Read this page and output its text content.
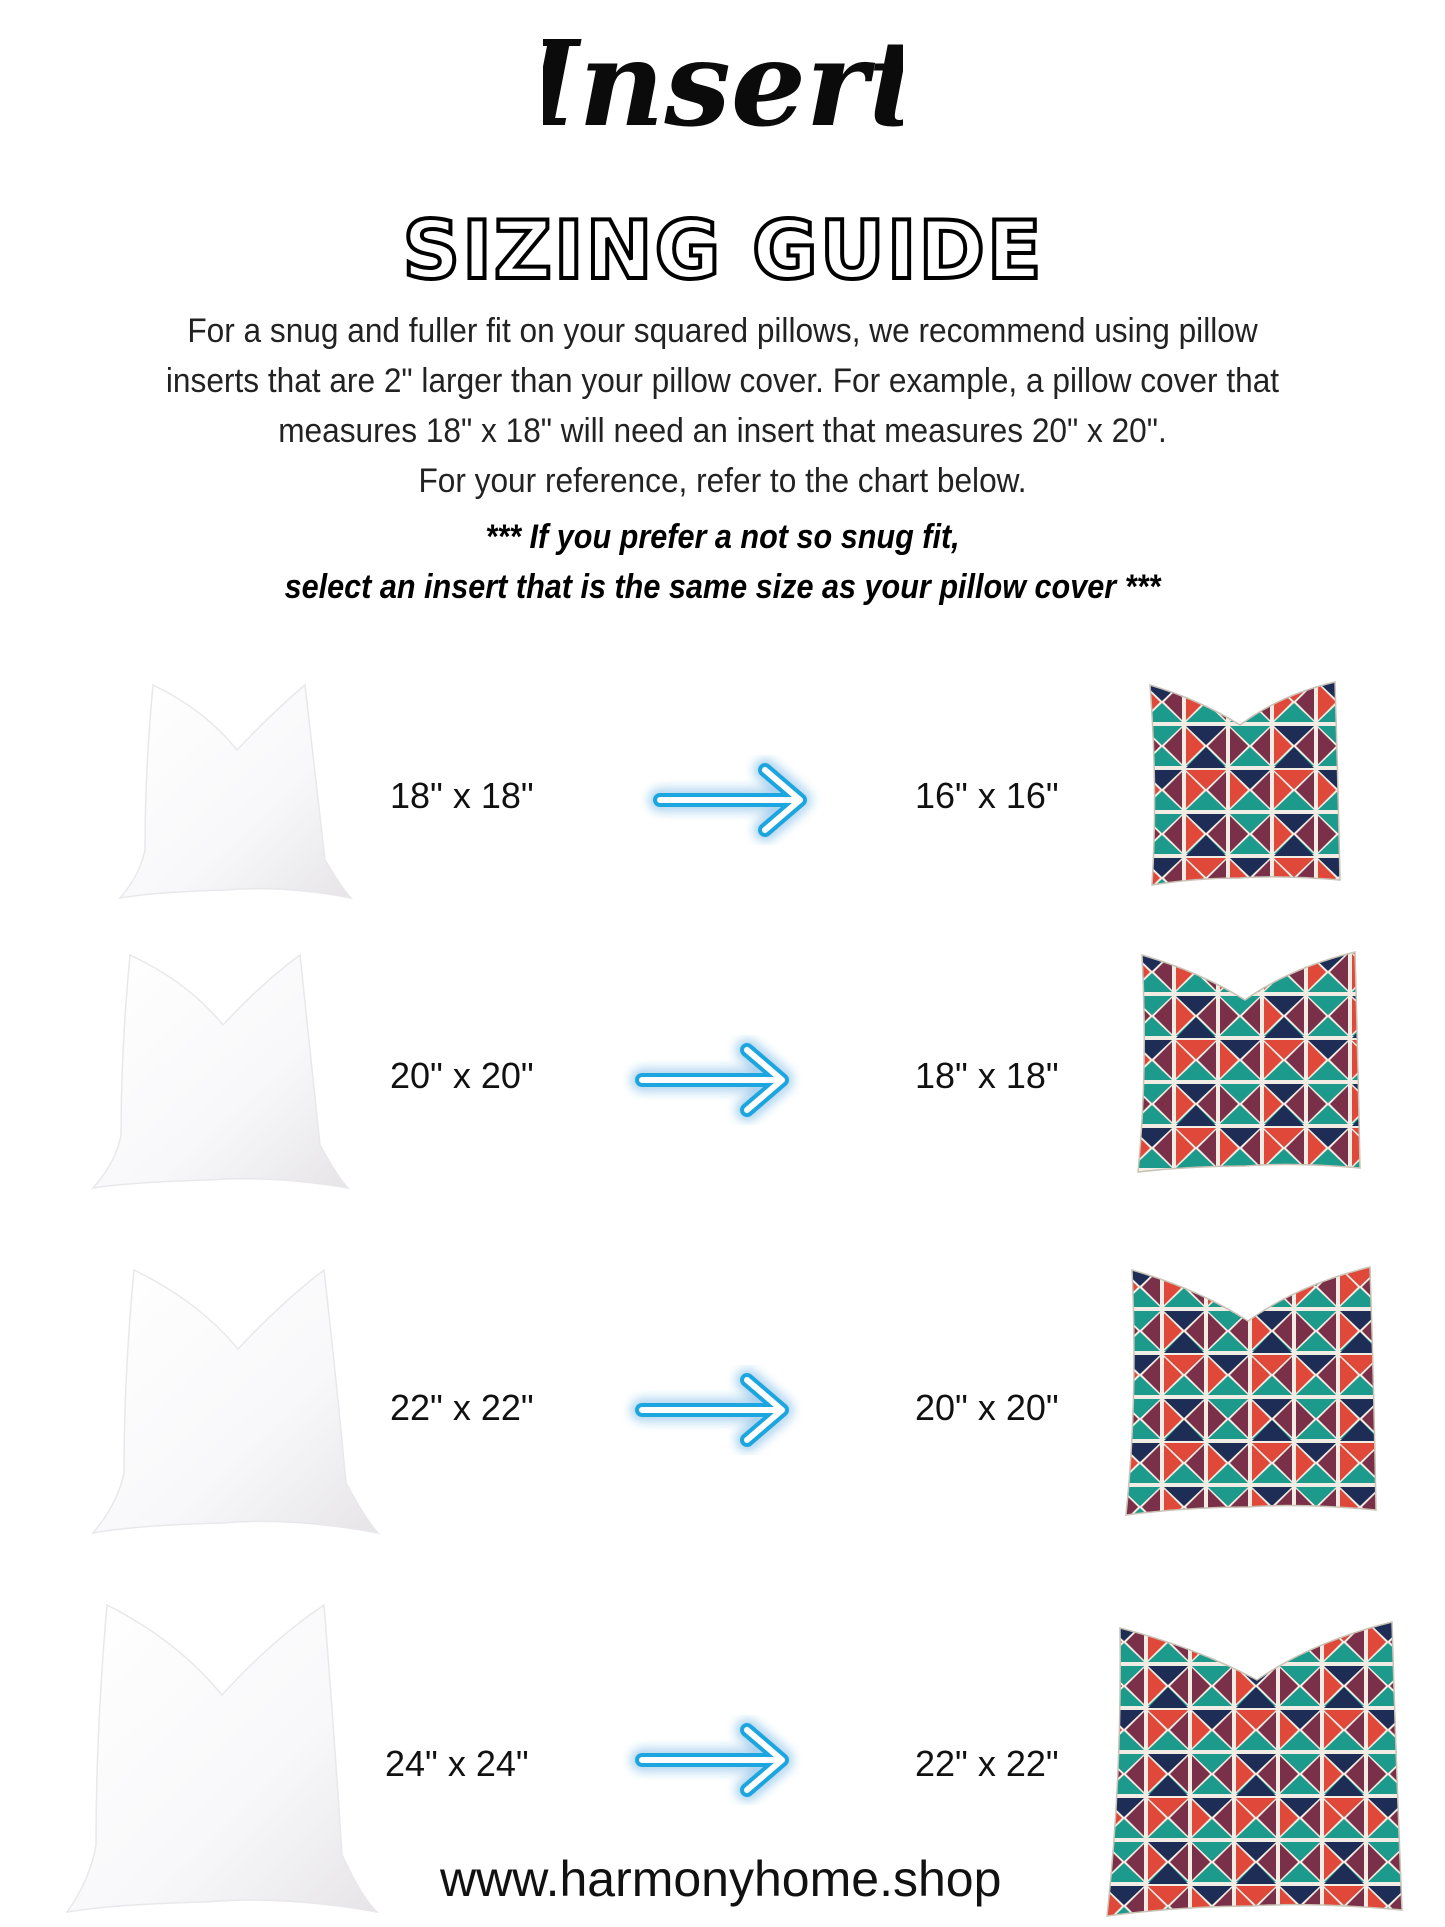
Insert
SIZING GUIDE
For a snug and fuller fit on your squared pillows, we recommend using pillow
inserts that are 2" larger than your pillow cover. For example, a pillow cover that
measures 18" x 18" will need an insert that measures 20" x 20".
For your reference, refer to the chart below.
*** If you prefer a not so snug fit,
select an insert that is the same size as your pillow cover ***
18" x 18"	16" x 16"
20" x 20"	18" x 18"
22" x 22"	20" x 20"
24" x 24"	22" x 22"
www.harmonyhome.shop
